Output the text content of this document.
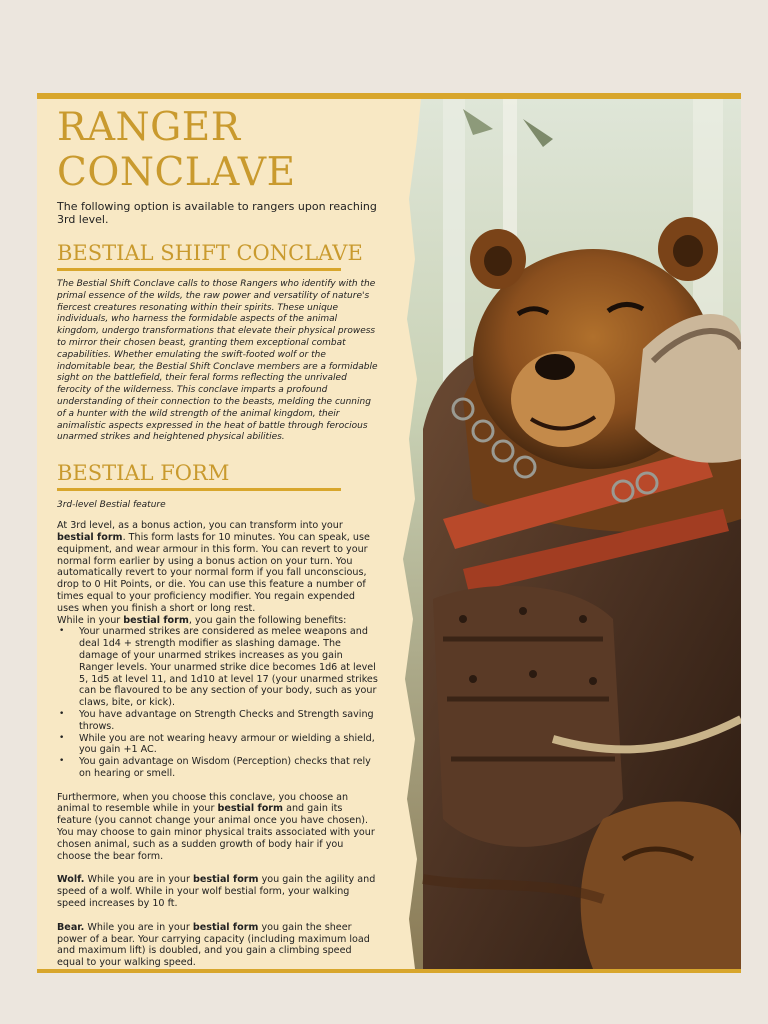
RANGER
CONCLAVE

The following option is available to rangers upon reaching 3rd level.

BESTIAL SHIFT CONCLAVE

The Bestial Shift Conclave calls to those Rangers who identify with the primal essence of the wilds, the raw power and versatility of nature's fiercest creatures resonating within their spirits. These unique individuals, who harness the formidable aspects of the animal kingdom, undergo transformations that elevate their physical prowess to mirror their chosen beast, granting them exceptional combat capabilities. Whether emulating the swift-footed wolf or the indomitable bear, the Bestial Shift Conclave members are a formidable sight on the battlefield, their feral forms reflecting the unrivaled ferocity of the wilderness. This conclave imparts a profound understanding of their connection to the beasts, melding the cunning of a hunter with the wild strength of the animal kingdom, their animalistic aspects expressed in the heat of battle through ferocious unarmed strikes and heightened physical abilities.

BESTIAL FORM

3rd-level Bestial feature

At 3rd level, as a bonus action, you can transform into your bestial form. This form lasts for 10 minutes. You can speak, use equipment, and wear armour in this form. You can revert to your normal form earlier by using a bonus action on your turn. You automatically revert to your normal form if you fall unconscious, drop to 0 Hit Points, or die. You can use this feature a number of times equal to your proficiency modifier. You regain expended uses when you finish a short or long rest.

While in your bestial form, you gain the following benefits:

• Your unarmed strikes are considered as melee weapons and deal 1d4 + strength modifier as slashing damage. The damage of your unarmed strikes increases as you gain Ranger levels. Your unarmed strike dice becomes 1d6 at level 5, 1d5 at level 11, and 1d10 at level 17 (your unarmed strikes can be flavoured to be any section of your body, such as your claws, bite, or kick).
• You have advantage on Strength Checks and Strength saving throws.
• While you are not wearing heavy armour or wielding a shield, you gain +1 AC.
• You gain advantage on Wisdom (Perception) checks that rely on hearing or smell.

Furthermore, when you choose this conclave, you choose an animal to resemble while in your bestial form and gain its feature (you cannot change your animal once you have chosen). You may choose to gain minor physical traits associated with your chosen animal, such as a sudden growth of body hair if you choose the bear form.

Wolf. While you are in your bestial form you gain the agility and speed of a wolf. While in your wolf bestial form, your walking speed increases by 10 ft.

Bear. While you are in your bestial form you gain the sheer power of a bear. Your carrying capacity (including maximum load and maximum lift) is doubled, and you gain a climbing speed equal to your walking speed.
